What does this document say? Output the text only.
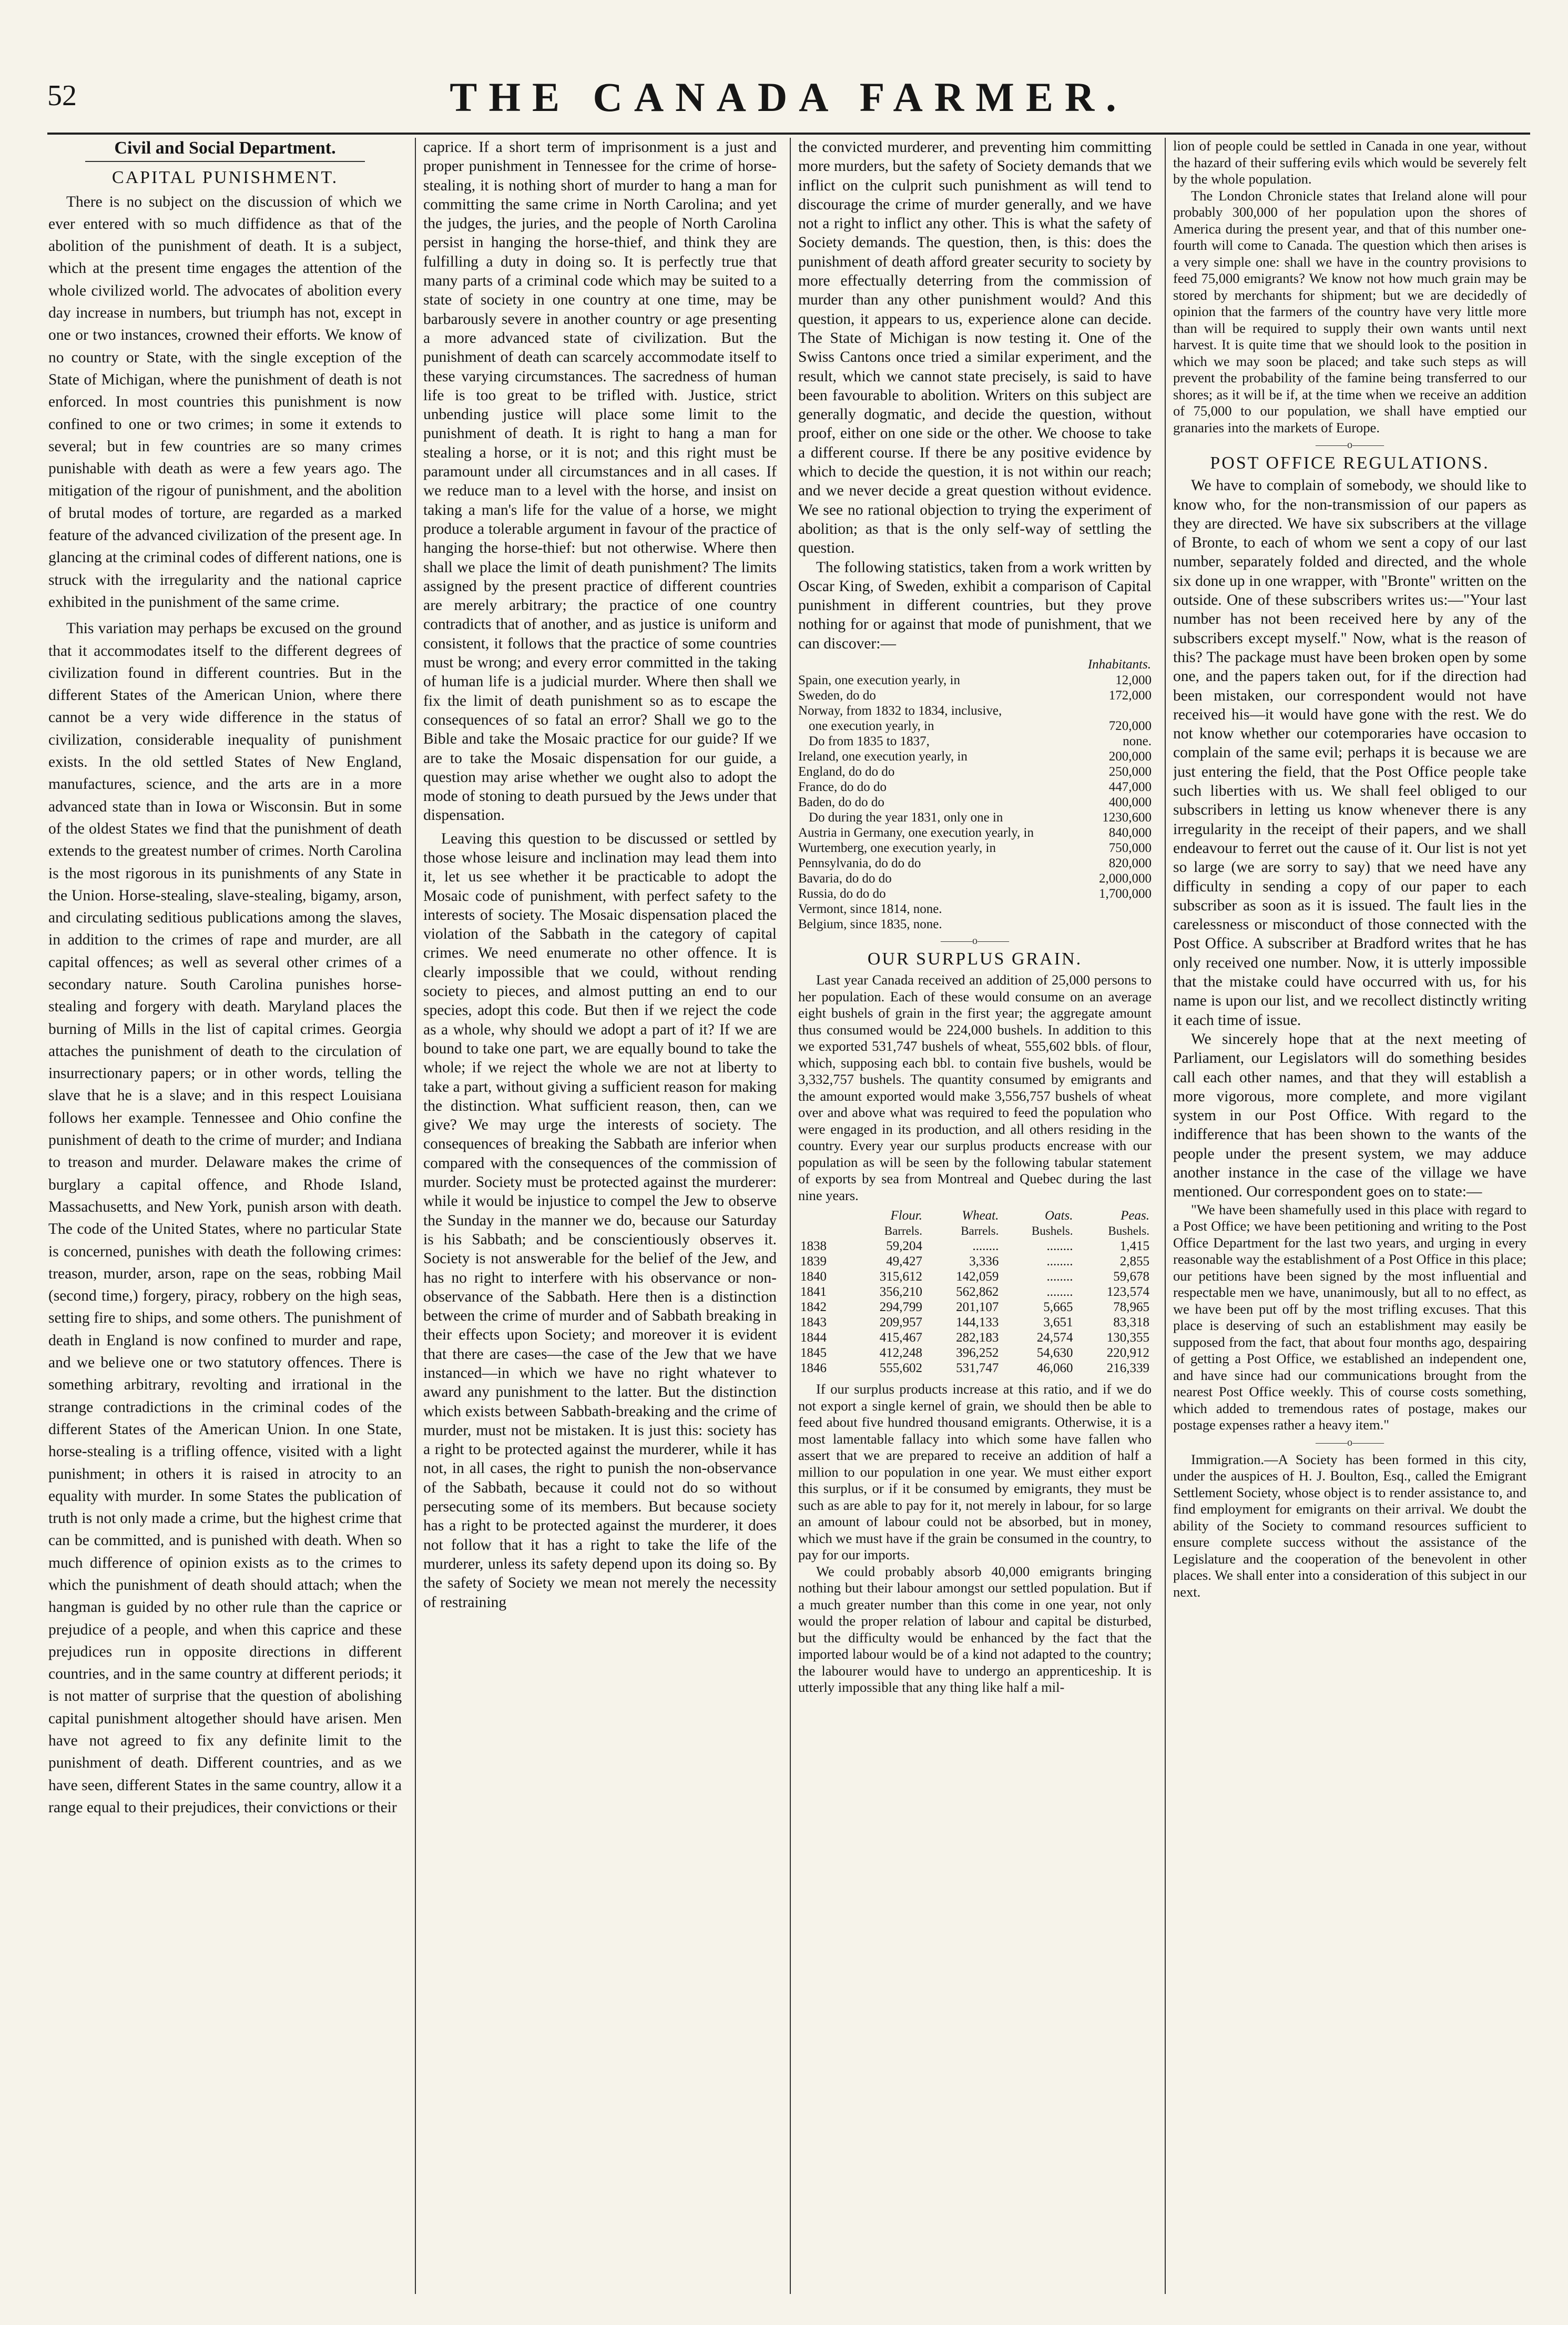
52	THE CANADA FARMER.
Civil and Social Department.
CAPITAL PUNISHMENT.

There is no subject on the discussion of which we ever entered with so much diffidence as that of the abolition of the punishment of death. It is a subject, which at the present time engages the attention of the whole civilized world. The advocates of abolition every day increase in numbers, but triumph has not, except in one or two instances, crowned their efforts. We know of no country or State, with the single exception of the State of Michigan, where the punishment of death is not enforced. In most countries this punishment is now confined to one or two crimes; in some it extends to several; but in few countries are so many crimes punishable with death as were a few years ago. The mitigation of the rigour of punishment, and the abolition of brutal modes of torture, are regarded as a marked feature of the advanced civilization of the present age. In glancing at the criminal codes of different nations, one is struck with the irregularity and the national caprice exhibited in the punishment of the same crime.

This variation may perhaps be excused on the ground that it accommodates itself to the different degrees of civilization found in different countries. But in the different States of the American Union, where there cannot be a very wide difference in the status of civilization, considerable inequality of punishment exists. In the old settled States of New England, manufactures, science, and the arts are in a more advanced state than in Iowa or Wisconsin. But in some of the oldest States we find that the punishment of death extends to the greatest number of crimes. North Carolina is the most rigorous in its punishments of any State in the Union. Horse-stealing, slave-stealing, bigamy, arson, and circulating seditious publications among the slaves, in addition to the crimes of rape and murder, are all capital offences; as well as several other crimes of a secondary nature. South Carolina punishes horse-stealing and forgery with death. Maryland places the burning of Mills in the list of capital crimes. Georgia attaches the punishment of death to the circulation of insurrectionary papers; or in other words, telling the slave that he is a slave; and in this respect Louisiana follows her example. Tennessee and Ohio confine the punishment of death to the crime of murder; and Indiana to treason and murder. Delaware makes the crime of burglary a capital offence, and Rhode Island, Massachusetts, and New York, punish arson with death. The code of the United States, where no particular State is concerned, punishes with death the following crimes: treason, murder, arson, rape on the seas, robbing Mail (second time,) forgery, piracy, robbery on the high seas, setting fire to ships, and some others. The punishment of death in England is now confined to murder and rape, and we believe one or two statutory offences. There is something arbitrary, revolting and irrational in the strange contradictions in the criminal codes of the different States of the American Union. In one State, horse-stealing is a trifling offence, visited with a light punishment; in others it is raised in atrocity to an equality with murder. In some States the publication of truth is not only made a crime, but the highest crime that can be committed, and is punished with death. When so much difference of opinion exists as to the crimes to which the punishment of death should attach; when the hangman is guided by no other rule than the caprice or prejudice of a people, and when this caprice and these prejudices run in opposite directions in different countries, and in the same country at different periods; it is not matter of surprise that the question of abolishing capital punishment altogether should have arisen. Men have not agreed to fix any definite limit to the punishment of death. Different countries, and as we have seen, different States in the same country, allow it a range equal to their prejudices, their convictions or their

caprice. If a short term of imprisonment is a just and proper punishment in Tennessee for the crime of horse-stealing, it is nothing short of murder to hang a man for committing the same crime in North Carolina; and yet the judges, the juries, and the people of North Carolina persist in hanging the horse-thief, and think they are fulfilling a duty in doing so. It is perfectly true that many parts of a criminal code which may be suited to a state of society in one country at one time, may be barbarously severe in another country or age presenting a more advanced state of civilization. But the punishment of death can scarcely accommodate itself to these varying circumstances. The sacredness of human life is too great to be trifled with. Justice, strict unbending justice will place some limit to the punishment of death. It is right to hang a man for stealing a horse, or it is not; and this right must be paramount under all circumstances and in all cases. If we reduce man to a level with the horse, and insist on taking a man's life for the value of a horse, we might produce a tolerable argument in favour of the practice of hanging the horse-thief: but not otherwise. Where then shall we place the limit of death punishment? The limits assigned by the present practice of different countries are merely arbitrary; the practice of one country contradicts that of another, and as justice is uniform and consistent, it follows that the practice of some countries must be wrong; and every error committed in the taking of human life is a judicial murder. Where then shall we fix the limit of death punishment so as to escape the consequences of so fatal an error? Shall we go to the Bible and take the Mosaic practice for our guide? If we are to take the Mosaic dispensation for our guide, a question may arise whether we ought also to adopt the mode of stoning to death pursued by the Jews under that dispensation.

Leaving this question to be discussed or settled by those whose leisure and inclination may lead them into it, let us see whether it be practicable to adopt the Mosaic code of punishment, with perfect safety to the interests of society. The Mosaic dispensation placed the violation of the Sabbath in the category of capital crimes. We need enumerate no other offence. It is clearly impossible that we could, without rending society to pieces, and almost putting an end to our species, adopt this code. But then if we reject the code as a whole, why should we adopt a part of it? If we are bound to take one part, we are equally bound to take the whole; if we reject the whole we are not at liberty to take a part, without giving a sufficient reason for making the distinction. What sufficient reason, then, can we give? We may urge the interests of society. The consequences of breaking the Sabbath are inferior when compared with the consequences of the commission of murder. Society must be protected against the murderer: while it would be injustice to compel the Jew to observe the Sunday in the manner we do, because our Saturday is his Sabbath; and be conscientiously observes it. Society is not answerable for the belief of the Jew, and has no right to interfere with his observance or non-observance of the Sabbath. Here then is a distinction between the crime of murder and of Sabbath breaking in their effects upon Society; and moreover it is evident that there are cases—the case of the Jew that we have instanced—in which we have no right whatever to award any punishment to the latter. But the distinction which exists between Sabbath-breaking and the crime of murder, must not be mistaken. It is just this: society has a right to be protected against the murderer, while it has not, in all cases, the right to punish the non-observance of the Sabbath, because it could not do so without persecuting some of its members. But because society has a right to be protected against the murderer, it does not follow that it has a right to take the life of the murderer, unless its safety depend upon its doing so. By the safety of Society we mean not merely the necessity of restraining

the convicted murderer, and preventing him committing more murders, but the safety of Society demands that we inflict on the culprit such punishment as will tend to discourage the crime of murder generally, and we have not a right to inflict any other. This is what the safety of Society demands. The question, then, is this: does the punishment of death afford greater security to society by more effectually deterring from the commission of murder than any other punishment would? And this question, it appears to us, experience alone can decide. The State of Michigan is now testing it. One of the Swiss Cantons once tried a similar experiment, and the result, which we cannot state precisely, is said to have been favourable to abolition. Writers on this subject are generally dogmatic, and decide the question, without proof, either on one side or the other. We choose to take a different course. If there be any positive evidence by which to decide the question, it is not within our reach; and we never decide a great question without evidence. We see no rational objection to trying the experiment of abolition; as that is the only self-way of settling the question.

The following statistics, taken from a work written by Oscar King, of Sweden, exhibit a comparison of Capital punishment in different countries, but they prove nothing for or against that mode of punishment, that we can discover:—

Inhabitants.	
Spain, one execution yearly, in	12,000
Sweden, do do	172,000
Norway, from 1832 to 1834, inclusive,	
one execution yearly, in	720,000
Do from 1835 to 1837,	none.
Ireland, one execution yearly, in	200,000
England, do do do	250,000
France, do do do	447,000
Baden, do do do	400,000
Do during the year 1831, only one in	1230,600
Austria in Germany, one execution yearly, in	840,000
Wurtemberg, one execution yearly, in	750,000
Pennsylvania, do do do	820,000
Bavaria, do do do	2,000,000
Russia, do do do	1,700,000
Vermont, since 1814, none.	
Belgium, since 1835, none.	
———o———
OUR SURPLUS GRAIN.

Last year Canada received an addition of 25,000 persons to her population. Each of these would consume on an average eight bushels of grain in the first year; the aggregate amount thus consumed would be 224,000 bushels. In addition to this we exported 531,747 bushels of wheat, 555,602 bbls. of flour, which, supposing each bbl. to contain five bushels, would be 3,332,757 bushels. The quantity consumed by emigrants and the amount exported would make 3,556,757 bushels of wheat over and above what was required to feed the population who were engaged in its production, and all others residing in the country. Every year our surplus products encrease with our population as will be seen by the following tabular statement of exports by sea from Montreal and Quebec during the last nine years.

	Flour.	Wheat.	Oats.	Peas.
	Barrels.	Barrels.	Bushels.	Bushels.
1838	59,204	........	........	1,415
1839	49,427	3,336	........	2,855
1840	315,612	142,059	........	59,678
1841	356,210	562,862	........	123,574
1842	294,799	201,107	5,665	78,965
1843	209,957	144,133	3,651	83,318
1844	415,467	282,183	24,574	130,355
1845	412,248	396,252	54,630	220,912
1846	555,602	531,747	46,060	216,339

If our surplus products increase at this ratio, and if we do not export a single kernel of grain, we should then be able to feed about five hundred thousand emigrants. Otherwise, it is a most lamentable fallacy into which some have fallen who assert that we are prepared to receive an addition of half a million to our population in one year. We must either export this surplus, or if it be consumed by emigrants, they must be such as are able to pay for it, not merely in labour, for so large an amount of labour could not be absorbed, but in money, which we must have if the grain be consumed in the country, to pay for our imports.

We could probably absorb 40,000 emigrants bringing nothing but their labour amongst our settled population. But if a much greater number than this come in one year, not only would the proper relation of labour and capital be disturbed, but the difficulty would be enhanced by the fact that the imported labour would be of a kind not adapted to the country; the labourer would have to undergo an apprenticeship. It is utterly impossible that any thing like half a mil-

lion of people could be settled in Canada in one year, without the hazard of their suffering evils which would be severely felt by the whole population.

The London Chronicle states that Ireland alone will pour probably 300,000 of her population upon the shores of America during the present year, and that of this number one-fourth will come to Canada. The question which then arises is a very simple one: shall we have in the country provisions to feed 75,000 emigrants? We know not how much grain may be stored by merchants for shipment; but we are decidedly of opinion that the farmers of the country have very little more than will be required to supply their own wants until next harvest. It is quite time that we should look to the position in which we may soon be placed; and take such steps as will prevent the probability of the famine being transferred to our shores; as it will be if, at the time when we receive an addition of 75,000 to our population, we shall have emptied our granaries into the markets of Europe.

———o———
POST OFFICE REGULATIONS.

We have to complain of somebody, we should like to know who, for the non-transmission of our papers as they are directed. We have six subscribers at the village of Bronte, to each of whom we sent a copy of our last number, separately folded and directed, and the whole six done up in one wrapper, with "Bronte" written on the outside. One of these subscribers writes us:—"Your last number has not been received here by any of the subscribers except myself." Now, what is the reason of this? The package must have been broken open by some one, and the papers taken out, for if the direction had been mistaken, our correspondent would not have received his—it would have gone with the rest. We do not know whether our cotemporaries have occasion to complain of the same evil; perhaps it is because we are just entering the field, that the Post Office people take such liberties with us. We shall feel obliged to our subscribers in letting us know whenever there is any irregularity in the receipt of their papers, and we shall endeavour to ferret out the cause of it. Our list is not yet so large (we are sorry to say) that we need have any difficulty in sending a copy of our paper to each subscriber as soon as it is issued. The fault lies in the carelessness or misconduct of those connected with the Post Office. A subscriber at Bradford writes that he has only received one number. Now, it is utterly impossible that the mistake could have occurred with us, for his name is upon our list, and we recollect distinctly writing it each time of issue.

We sincerely hope that at the next meeting of Parliament, our Legislators will do something besides call each other names, and that they will establish a more vigorous, more complete, and more vigilant system in our Post Office. With regard to the indifference that has been shown to the wants of the people under the present system, we may adduce another instance in the case of the village we have mentioned. Our correspondent goes on to state:—

"We have been shamefully used in this place with regard to a Post Office; we have been petitioning and writing to the Post Office Department for the last two years, and urging in every reasonable way the establishment of a Post Office in this place; our petitions have been signed by the most influential and respectable men we have, unanimously, but all to no effect, as we have been put off by the most trifling excuses. That this place is deserving of such an establishment may easily be supposed from the fact, that about four months ago, despairing of getting a Post Office, we established an independent one, and have since had our communications brought from the nearest Post Office weekly. This of course costs something, which added to tremendous rates of postage, makes our postage expenses rather a heavy item."

———o———

Immigration.—A Society has been formed in this city, under the auspices of H. J. Boulton, Esq., called the Emigrant Settlement Society, whose object is to render assistance to, and find employment for emigrants on their arrival. We doubt the ability of the Society to command resources sufficient to ensure complete success without the assistance of the Legislature and the cooperation of the benevolent in other places. We shall enter into a consideration of this subject in our next.
